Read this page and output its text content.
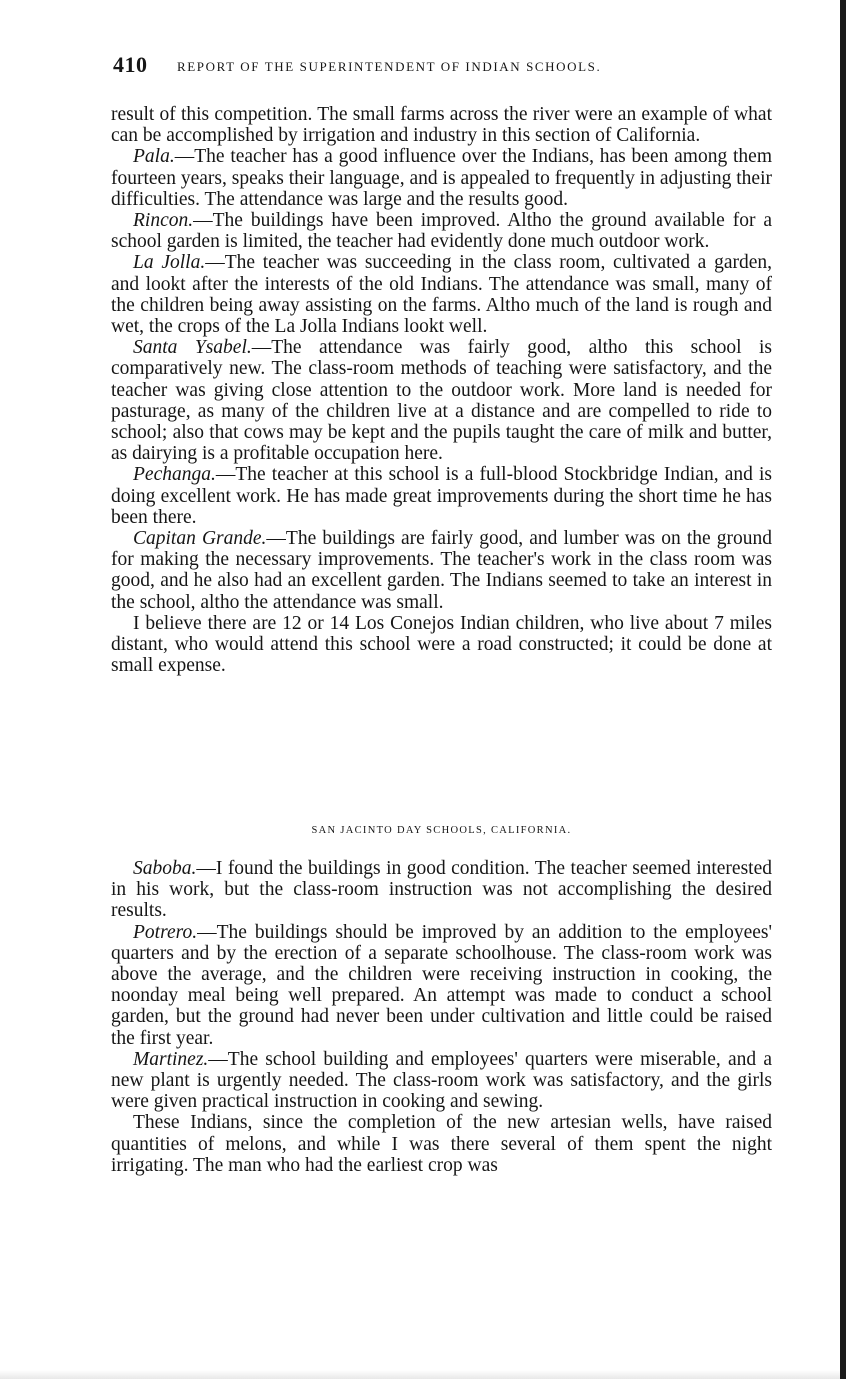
410 REPORT OF THE SUPERINTENDENT OF INDIAN SCHOOLS.

result of this competition. The small farms across the river were an example of what can be accomplished by irrigation and industry in this section of California.

Pala.—The teacher has a good influence over the Indians, has been among them fourteen years, speaks their language, and is appealed to frequently in adjusting their difficulties. The attendance was large and the results good.

Rincon.—The buildings have been improved. Altho the ground available for a school garden is limited, the teacher had evidently done much outdoor work.

La Jolla.—The teacher was succeeding in the class room, cultivated a garden, and lookt after the interests of the old Indians. The attendance was small, many of the children being away assisting on the farms. Altho much of the land is rough and wet, the crops of the La Jolla Indians lookt well.

Santa Ysabel.—The attendance was fairly good, altho this school is comparatively new. The class-room methods of teaching were satisfactory, and the teacher was giving close attention to the outdoor work. More land is needed for pasturage, as many of the children live at a distance and are compelled to ride to school; also that cows may be kept and the pupils taught the care of milk and butter, as dairying is a profitable occupation here.

Pechanga.—The teacher at this school is a full-blood Stockbridge Indian, and is doing excellent work. He has made great improvements during the short time he has been there.

Capitan Grande.—The buildings are fairly good, and lumber was on the ground for making the necessary improvements. The teacher's work in the class room was good, and he also had an excellent garden. The Indians seemed to take an interest in the school, altho the attendance was small.

I believe there are 12 or 14 Los Conejos Indian children, who live about 7 miles distant, who would attend this school were a road constructed; it could be done at small expense.

SAN JACINTO DAY SCHOOLS, CALIFORNIA.

Saboba.—I found the buildings in good condition. The teacher seemed interested in his work, but the class-room instruction was not accomplishing the desired results.

Potrero.—The buildings should be improved by an addition to the employees' quarters and by the erection of a separate schoolhouse. The class-room work was above the average, and the children were receiving instruction in cooking, the noonday meal being well prepared. An attempt was made to conduct a school garden, but the ground had never been under cultivation and little could be raised the first year.

Martinez.—The school building and employees' quarters were miserable, and a new plant is urgently needed. The class-room work was satisfactory, and the girls were given practical instruction in cooking and sewing.

These Indians, since the completion of the new artesian wells, have raised quantities of melons, and while I was there several of them spent the night irrigating. The man who had the earliest crop was
